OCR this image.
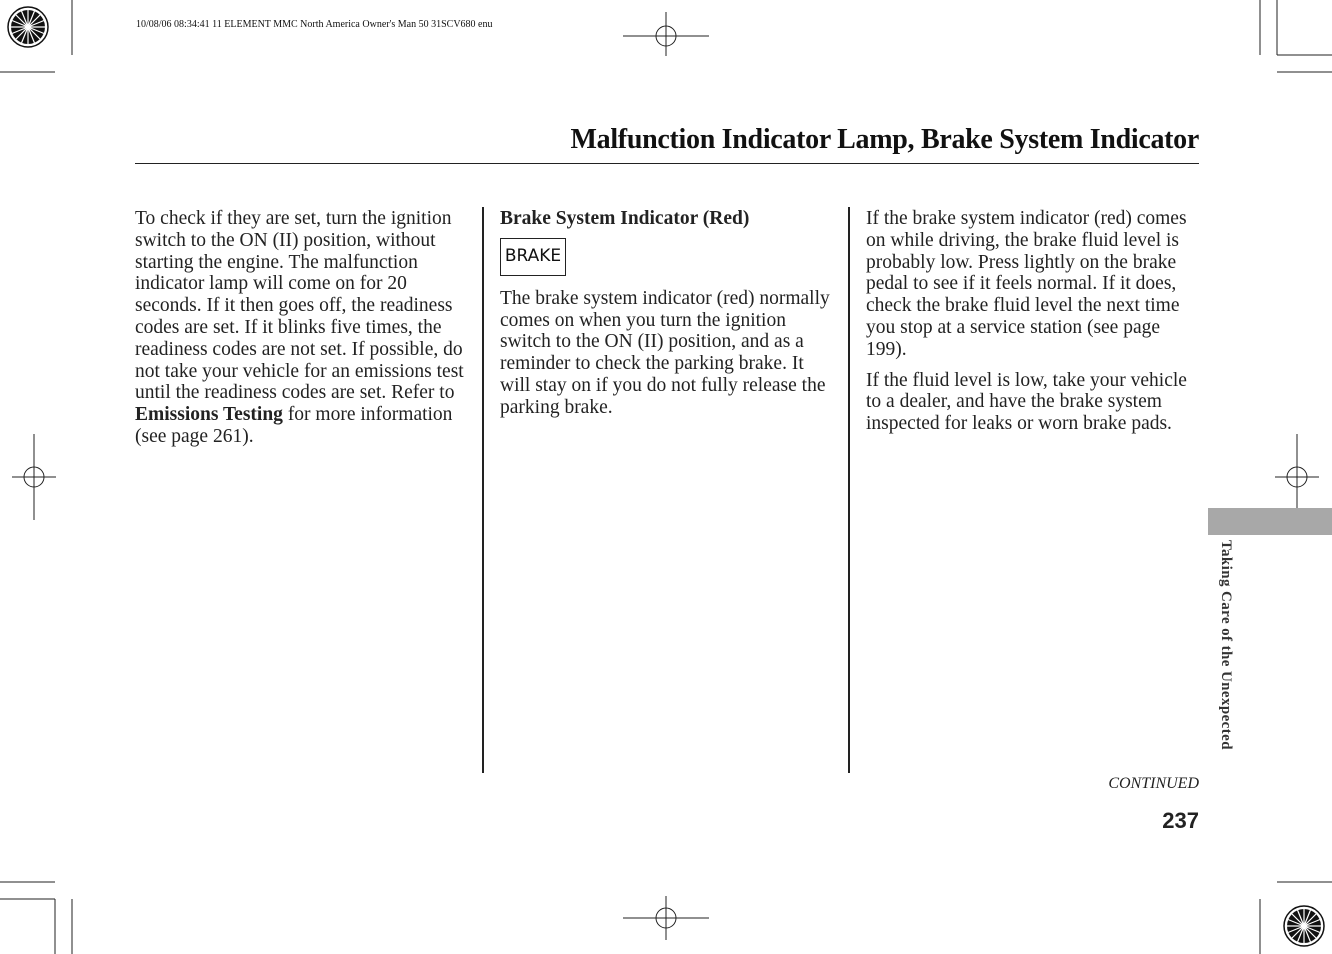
10/08/06 08:34:41 11 ELEMENT MMC North America Owner's Man 50 31SCV680 enu
Malfunction Indicator Lamp, Brake System Indicator

To check if they are set, turn the ignition switch to the ON (II) position, without starting the engine. The malfunction indicator lamp will come on for 20 seconds. If it then goes off, the readiness codes are set. If it blinks five times, the readiness codes are not set. If possible, do not take your vehicle for an emissions test until the readiness codes are set. Refer to Emissions Testing for more information (see page 261).

Brake System Indicator (Red)
BRAKE

The brake system indicator (red) normally comes on when you turn the ignition switch to the ON (II) position, and as a reminder to check the parking brake. It will stay on if you do not fully release the parking brake.

If the brake system indicator (red) comes on while driving, the brake fluid level is probably low. Press lightly on the brake pedal to see if it feels normal. If it does, check the brake fluid level the next time you stop at a service station (see page 199).

If the fluid level is low, take your vehicle to a dealer, and have the brake system inspected for leaks or worn brake pads.

Taking Care of the Unexpected
CONTINUED
237
